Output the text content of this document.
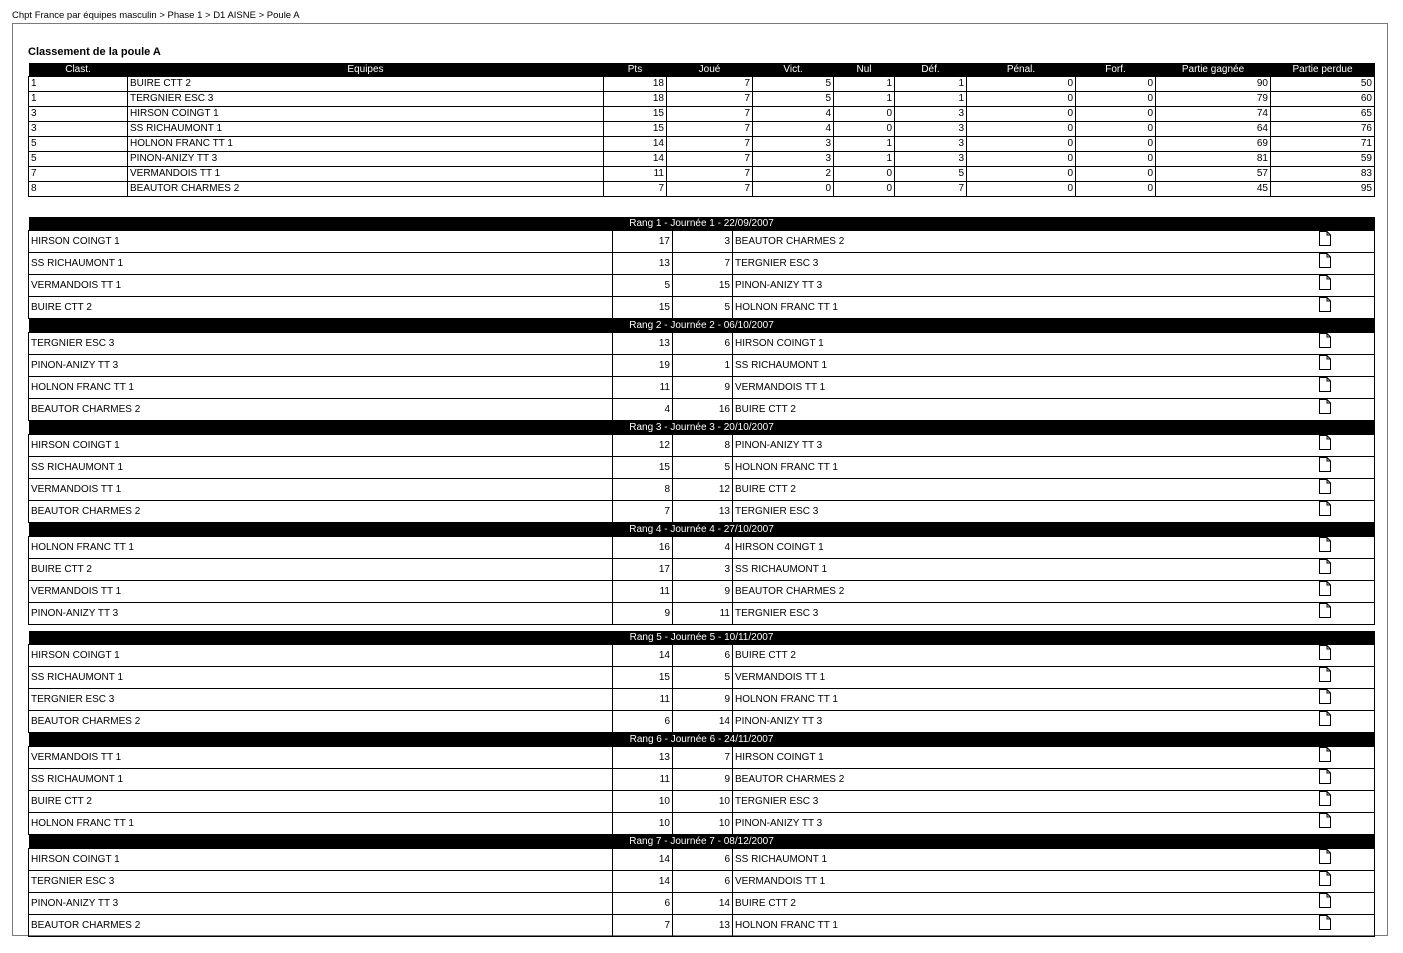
Chpt France par équipes masculin > Phase 1 > D1 AISNE > Poule A
Classement de la poule A
Clast.	Equipes	Pts	Joué	Vict.	Nul	Déf.	Pénal.	Forf.	Partie gagnée	Partie perdue
1	BUIRE CTT 2	18	7	5	1	1	0	0	90	50
1	TERGNIER ESC 3	18	7	5	1	1	0	0	79	60
3	HIRSON COINGT 1	15	7	4	0	3	0	0	74	65
3	SS RICHAUMONT 1	15	7	4	0	3	0	0	64	76
5	HOLNON FRANC TT 1	14	7	3	1	3	0	0	69	71
5	PINON-ANIZY TT 3	14	7	3	1	3	0	0	81	59
7	VERMANDOIS TT 1	11	7	2	0	5	0	0	57	83
8	BEAUTOR CHARMES 2	7	7	0	0	7	0	0	45	95
Rang 1 - Journée 1 - 22/09/2007				
HIRSON COINGT 1	17	3	BEAUTOR CHARMES 2	
SS RICHAUMONT 1	13	7	TERGNIER ESC 3	
VERMANDOIS TT 1	5	15	PINON-ANIZY TT 3	
BUIRE CTT 2	15	5	HOLNON FRANC TT 1	
Rang 2 - Journée 2 - 06/10/2007				
TERGNIER ESC 3	13	6	HIRSON COINGT 1	
PINON-ANIZY TT 3	19	1	SS RICHAUMONT 1	
HOLNON FRANC TT 1	11	9	VERMANDOIS TT 1	
BEAUTOR CHARMES 2	4	16	BUIRE CTT 2	
Rang 3 - Journée 3 - 20/10/2007				
HIRSON COINGT 1	12	8	PINON-ANIZY TT 3	
SS RICHAUMONT 1	15	5	HOLNON FRANC TT 1	
VERMANDOIS TT 1	8	12	BUIRE CTT 2	
BEAUTOR CHARMES 2	7	13	TERGNIER ESC 3	
Rang 4 - Journée 4 - 27/10/2007				
HOLNON FRANC TT 1	16	4	HIRSON COINGT 1	
BUIRE CTT 2	17	3	SS RICHAUMONT 1	
VERMANDOIS TT 1	11	9	BEAUTOR CHARMES 2	
PINON-ANIZY TT 3	9	11	TERGNIER ESC 3	
Rang 5 - Journée 5 - 10/11/2007				
HIRSON COINGT 1	14	6	BUIRE CTT 2	
SS RICHAUMONT 1	15	5	VERMANDOIS TT 1	
TERGNIER ESC 3	11	9	HOLNON FRANC TT 1	
BEAUTOR CHARMES 2	6	14	PINON-ANIZY TT 3	
Rang 6 - Journée 6 - 24/11/2007				
VERMANDOIS TT 1	13	7	HIRSON COINGT 1	
SS RICHAUMONT 1	11	9	BEAUTOR CHARMES 2	
BUIRE CTT 2	10	10	TERGNIER ESC 3	
HOLNON FRANC TT 1	10	10	PINON-ANIZY TT 3	
Rang 7 - Journée 7 - 08/12/2007				
HIRSON COINGT 1	14	6	SS RICHAUMONT 1	
TERGNIER ESC 3	14	6	VERMANDOIS TT 1	
PINON-ANIZY TT 3	6	14	BUIRE CTT 2	
BEAUTOR CHARMES 2	7	13	HOLNON FRANC TT 1	
